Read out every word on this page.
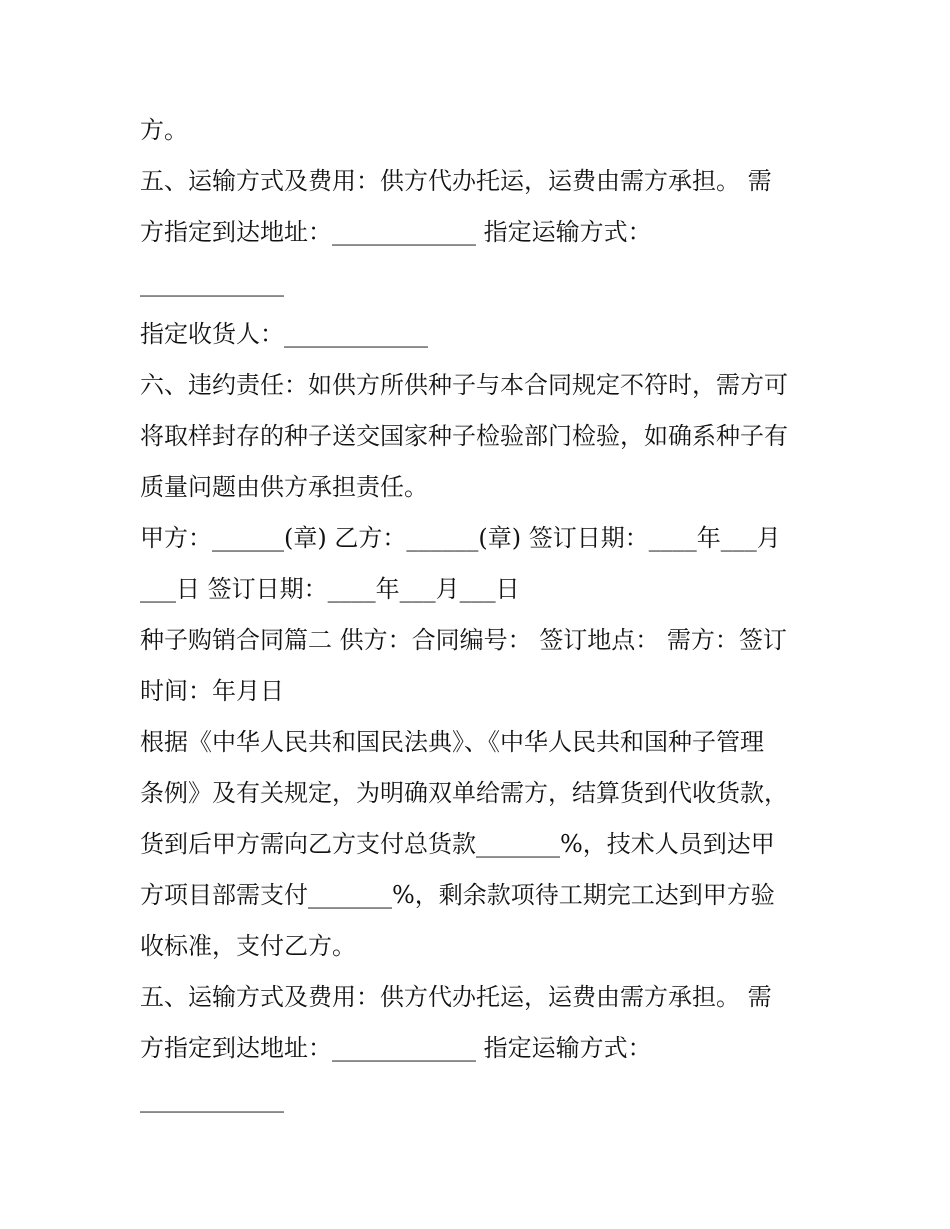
方。
五、运输方式及费用：供方代办托运，运费由需方承担。 需
方指定到达地址：____________ 指定运输方式：
____________
指定收货人：____________
六、违约责任：如供方所供种子与本合同规定不符时，需方可
将取样封存的种子送交国家种子检验部门检验，如确系种子有
质量问题由供方承担责任。
甲方：______(章) 乙方：______(章) 签订日期：____年___月
___日 签订日期：____年___月___日
种子购销合同篇二 供方：合同编号： 签订地点： 需方：签订
时间：年月日
根据《中华人民共和国民法典》、《中华人民共和国种子管理
条例》及有关规定，为明确双单给需方，结算货到代收货款，
货到后甲方需向乙方支付总货款_______%，技术人员到达甲
方项目部需支付_______%，剩余款项待工期完工达到甲方验
收标准，支付乙方。
五、运输方式及费用：供方代办托运，运费由需方承担。 需
方指定到达地址：____________ 指定运输方式：
____________
